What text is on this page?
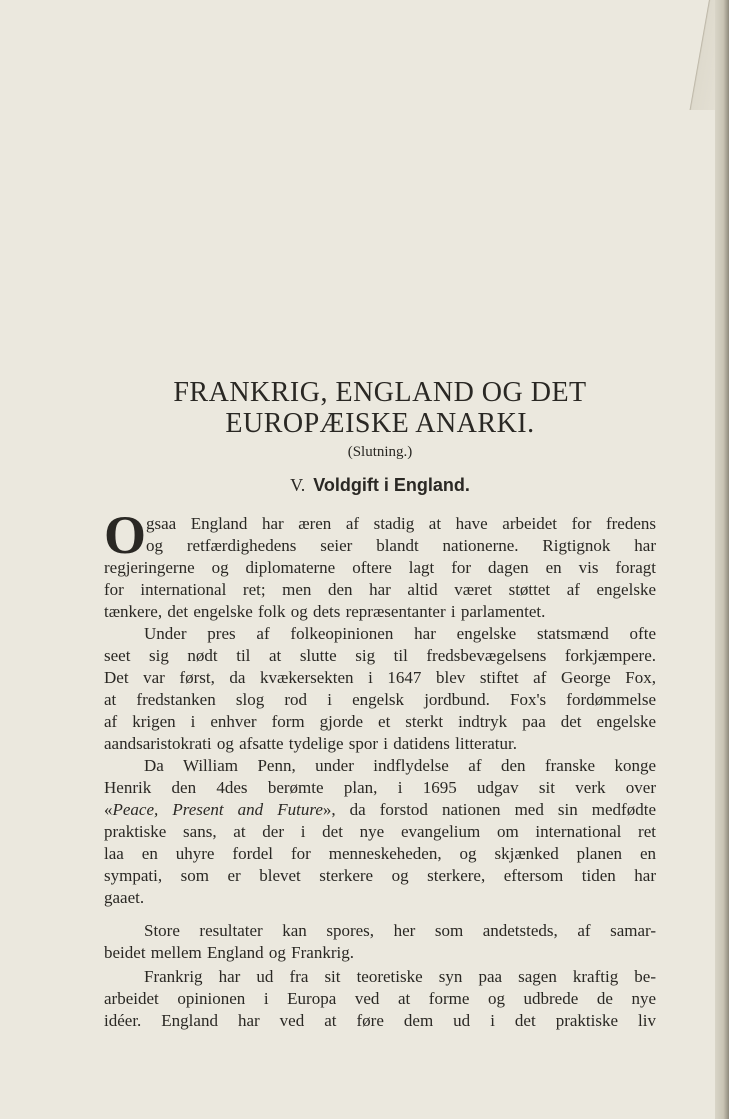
FRANKRIG, ENGLAND OG DET
EUROPÆISKE ANARKI.
(Slutning.)
V. Voldgift i England.
O gsaa England har æren af stadig at have arbeidet for fredens
og retfærdighedens seier blandt nationerne. Rigtignok har
regjeringerne og diplomaterne oftere lagt for dagen en vis foragt
for international ret; men den har altid været støttet af engelske
tænkere, det engelske folk og dets repræsentanter i parlamentet.
Under pres af folkeopinionen har engelske statsmænd ofte
seet sig nødt til at slutte sig til fredsbevægelsens forkjæmpere.
Det var først, da kvækersekten i 1647 blev stiftet af George Fox,
at fredstanken slog rod i engelsk jordbund. Fox's fordømmelse
af krigen i enhver form gjorde et sterkt indtryk paa det engelske
aandsaristokrati og afsatte tydelige spor i datidens litteratur.
Da William Penn, under indflydelse af den franske konge
Henrik den 4des berømte plan, i 1695 udgav sit verk over
«Peace, Present and Future», da forstod nationen med sin medfødte
praktiske sans, at der i det nye evangelium om international ret
laa en uhyre fordel for menneskeheden, og skjænked planen en
sympati, som er blevet sterkere og sterkere, eftersom tiden har
gaaet.
Store resultater kan spores, her som andetsteds, af samar-
beidet mellem England og Frankrig.
Frankrig har ud fra sit teoretiske syn paa sagen kraftig be-
arbeidet opinionen i Europa ved at forme og udbrede de nye
idéer. England har ved at føre dem ud i det praktiske liv
